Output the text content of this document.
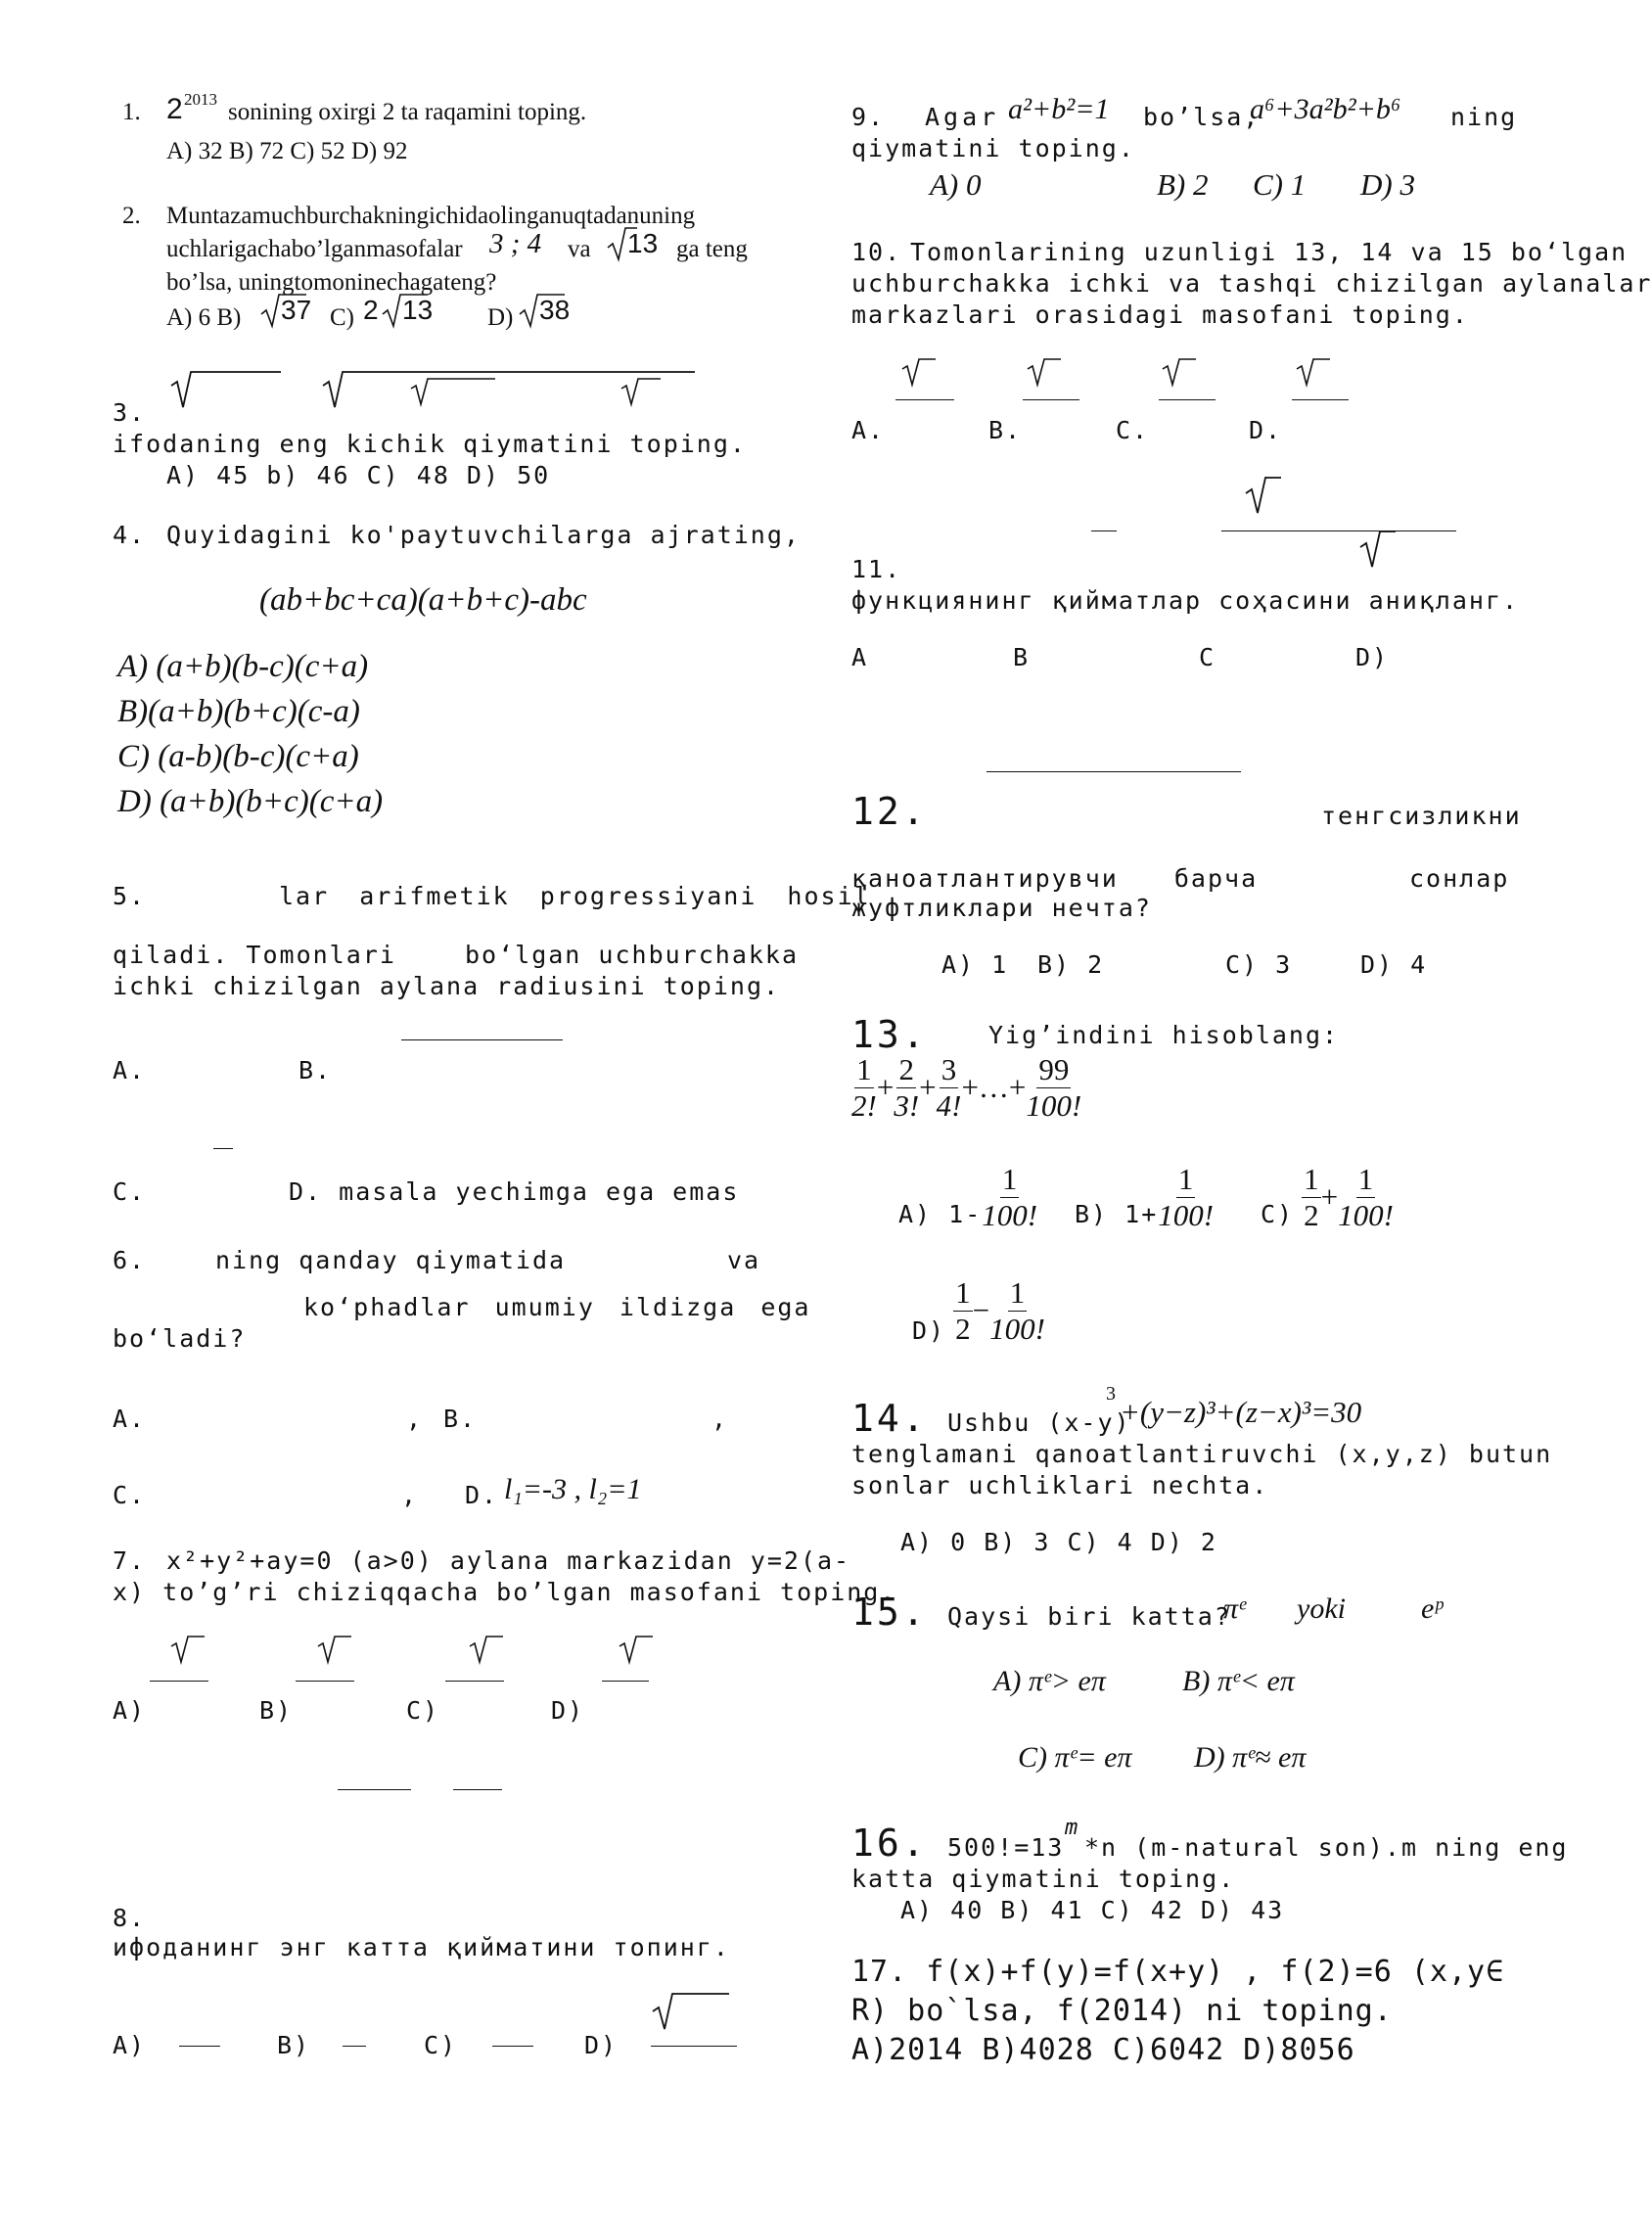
1. 2 2013 sonining oxirgi 2 ta raqamini toping.
A) 32 B) 72 C) 52 D) 92
2. Muntazamuchburchakningichidaolinganuqtadanuning
uchlarigachabo’lganmasofalar 3 ; 4 va 13 ga teng
bo’lsa, uningtomoninechagateng?
A) 6 B) 37 C) 2 13 D) 38
3.
ifodaning eng kichik qiymatini toping.
A) 45 b) 46 C) 48 D) 50
4. Quyidagini ko'paytuvchilarga ajrating,
(ab+bc+ca)(a+b+c)-abc
A) (a+b)(b-c)(c+a)
B)(a+b)(b+c)(c-a)
C) (a-b)(b-c)(c+a)
D) (a+b)(b+c)(c+a)
5.	lar arifmetik progressiyani hosil
qiladi. Tomonlari	bo‘lgan uchburchakka
ichki chizilgan aylana radiusini toping.
A.	B.
C.	D. masala yechimga ega emas
6.	ning qanday qiymatida	va
ko‘phadlar umumiy ildizga ega
bo‘ladi?
A.	, B.	,
C.	, D. l₁=-3 , l₂=1
7. x²+y²+ay=0 (a>0) aylana markazidan y=2(a-
x) to’g’ri chiziqqacha bo’lgan masofani toping.
A)	B)	C)	D)
8.
ифоданинг энг катта қийматини топинг.
A)	B)	C)	D)
9. Agar a²+b²=1 bo’lsa,
a⁶+3a²b²+b⁶ ning
qiymatini toping.
A) 0	B) 2 C) 1 D) 3
10. Tomonlarining uzunligi 13, 14 va 15 bo‘lgan
uchburchakka ichki va tashqi chizilgan aylanalar
markazlari orasidagi masofani toping.
A.	B.	C.	D.
11.
функциянинг қийматлар соҳасини аниқланг.
A	B	C	D)
12.	тенгсизликни
қаноатлантирувчи барча	сонлар
жуфтликлари нечта?
A) 1 B) 2	C) 3	D) 4
13. Yig’indini hisoblang:
$\frac{1}{2!} + \frac{2}{3!} + \frac{3}{4!}$ +…+ $\frac{99}{100!}$
A) $1- \frac{1}{100!} B$) $1+ \frac{1}{100!} C) \frac{1}{2} + \frac{1}{100!}$
$D) \frac{1}{2} - \frac{1}{100!}$
14. Ushbu (x-y)
3
+(y−z)³+(z−x)³=30
tenglamani qanoatlantiruvchi (x,y,z) butun
sonlar uchliklari nechta.
A) 0 B) 3 C) 4 D) 2
15. Qaysi biri katta?
πᵉ yoki	eᵖ
A) πᵉ> eπ	B) πᵉ< eπ
C) πᵉ= eπ D) πᵉ≈ eπ
16. 500!=13
m
*n (m-natural son).m ning eng
katta qiymatini toping.
A) 40 B) 41 C) 42 D) 43
17. f(x)+f(y)=f(x+y) , f(2)=6 (x,y∈
R) bo`lsa, f(2014) ni toping.
A)2014 B)4028 C)6042 D)8056
